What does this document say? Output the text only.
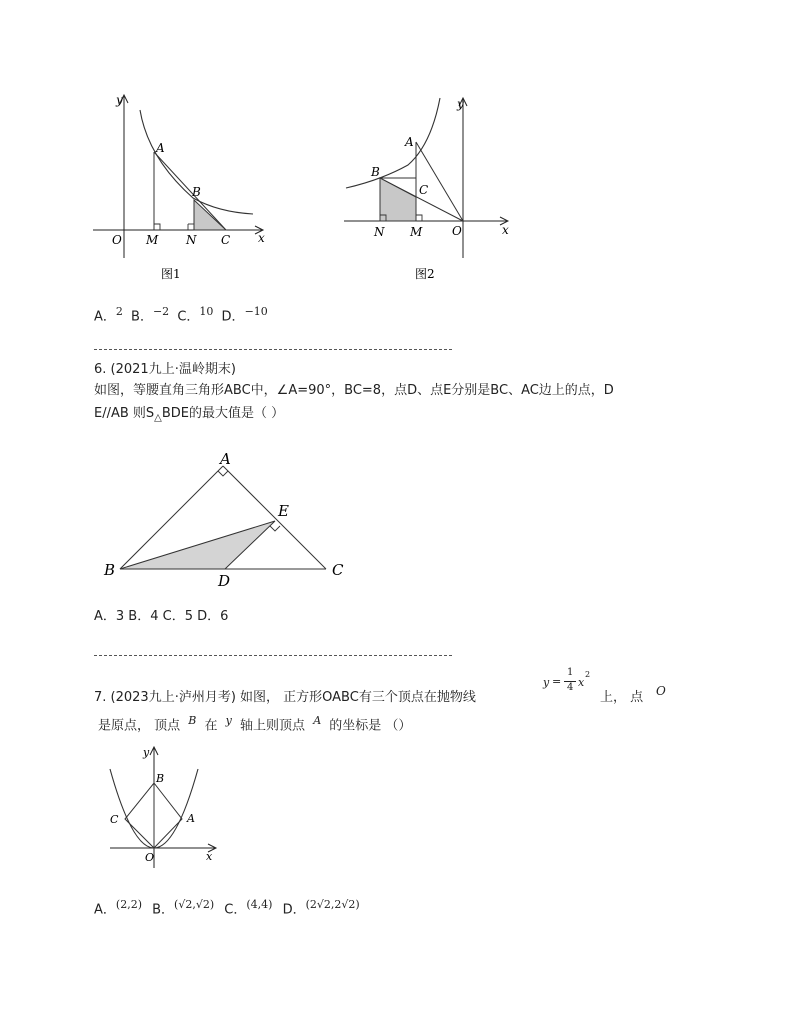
y
x
O
A
B
M N C
图1
y
x
O
A
B
C
N M
图2
A．$^2$ B．$^{-2}$ C．$^{10}$ D．$^{-10}$
6. (2021九上·温岭期末)
如图，等腰直角三角形ABC中，∠A=90°，BC=8，点D、点E分别是BC、AC边上的点，D
E//AB 则$S_\triangle BDE$的最大值是（ ）
A
B	C
D
E
A．3 B．4 C．5 D．6
7. (2023九上·泸州月考) 如图， 正方形OABC有三个顶点在抛物线
y =
1
4 x
2
上， 点 O
是原点， 顶点 $^B$ 在 $^y$ 轴上则顶点 $^A$ 的坐标是 （）
y
x
O
B
C	A
A．$^{(2,2)}$ B．$^{(√2,√2)}$ C．$^{(4,4)}$ D．$^{(2√2,2√2)}$
